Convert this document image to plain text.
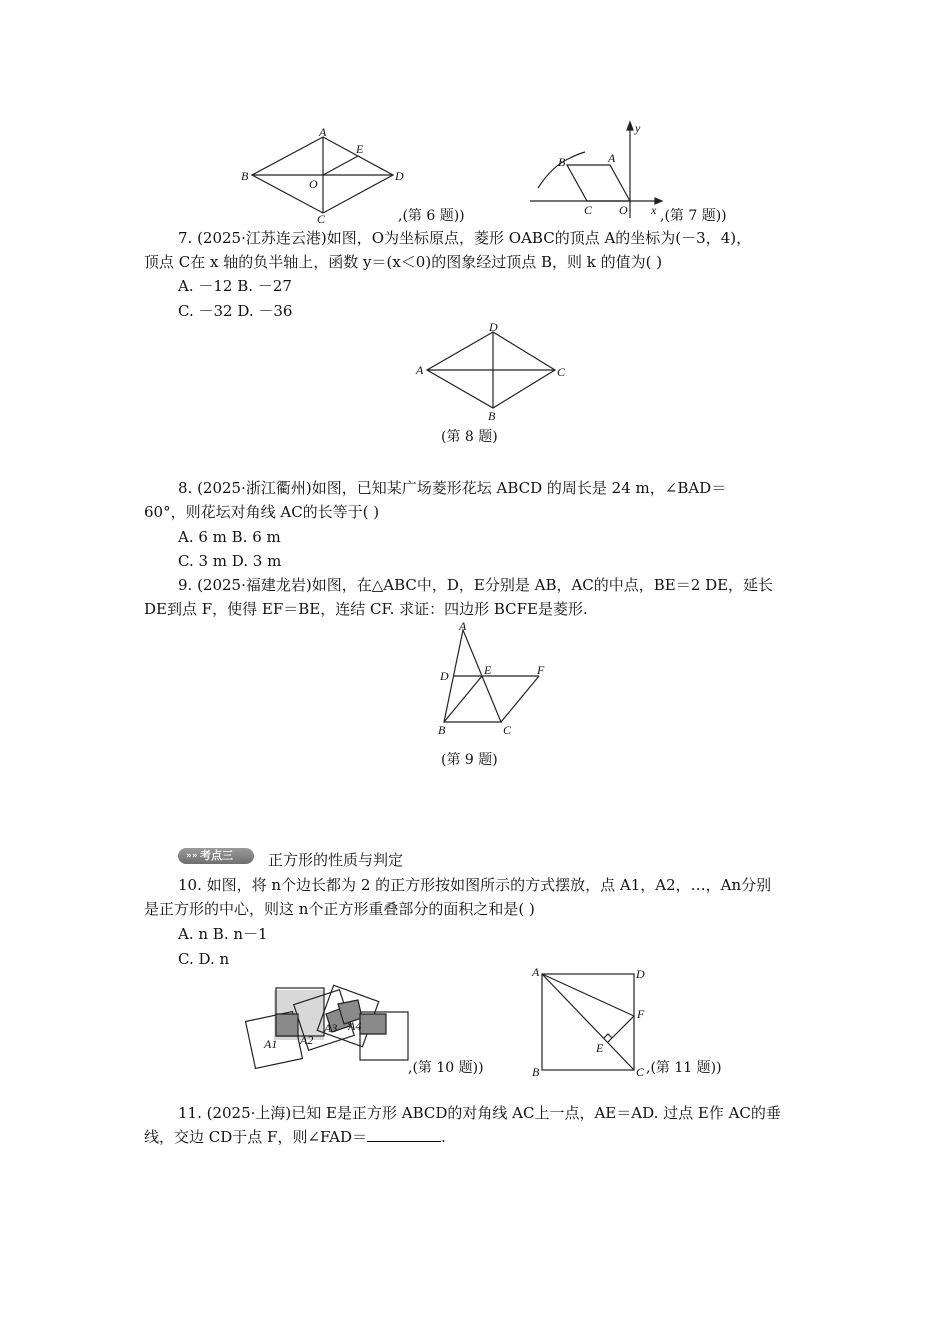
A
E
B
O
D
C	,(第 6 题))
y
B	A
C O x ,(第 7 题))
7. (2025·江苏连云港)如图，O为坐标原点，菱形 OABC的顶点 A的坐标为(－3，4)，
顶点 C在 x 轴的负半轴上，函数 y＝(x＜0)的图象经过顶点 B，则 k 的值为( )
A. －12 B. －27
C. －32 D. －36
D
A	C
B
(第 8 题)
8. (2025·浙江衢州)如图，已知某广场菱形花坛 ABCD 的周长是 24 m，∠BAD＝
60°，则花坛对角线 AC的长等于( )
A. 6 m B. 6 m
C. 3 m D. 3 m
9. (2025·福建龙岩)如图，在△ABC中，D，E分别是 AB，AC的中点，BE＝2 DE，延长
DE到点 F，使得 EF＝BE，连结 CF. 求证：四边形 BCFE是菱形.
A
D	E	F
B	C
(第 9 题)
»» 考点三 正方形的性质与判定
10. 如图，将 n个边长都为 2 的正方形按如图所示的方式摆放，点 A1，A2，…，An分别
是正方形的中心，则这 n个正方形重叠部分的面积之和是( )
A. n B. n－1
C. D. n
A1 A2
A3 A4
,(第 10 题))
A	D
F
E
B	C ,(第 11 题))
11. (2025·上海)已知 E是正方形 ABCD的对角线 AC上一点，AE＝AD. 过点 E作 AC的垂
线，交边 CD于点 F，则∠FAD＝	.
